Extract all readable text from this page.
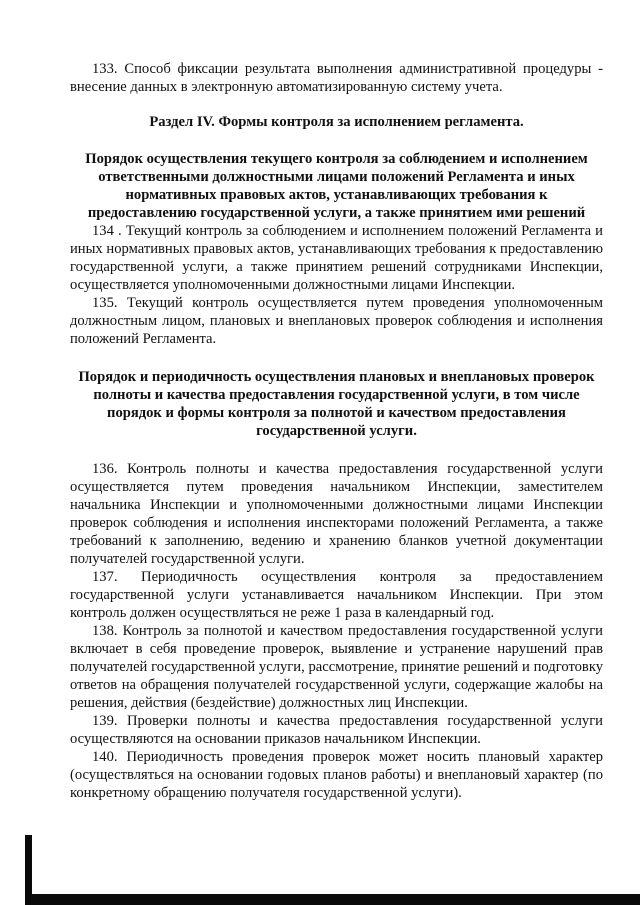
133. Способ фиксации результата выполнения административной процедуры - внесение данных в электронную автоматизированную систему учета.

Раздел IV. Формы контроля за исполнением регламента.
Порядок осуществления текущего контроля за соблюдением и исполнением ответственными должностными лицами положений Регламента и иных нормативных правовых актов, устанавливающих требования к предоставлению государственной услуги, а также принятием ими решений

134 . Текущий контроль за соблюдением и исполнением положений Регламента и иных нормативных правовых актов, устанавливающих требования к предоставлению государственной услуги, а также принятием решений сотрудниками Инспекции, осуществляется уполномоченными должностными лицами Инспекции.

135. Текущий контроль осуществляется путем проведения уполномоченным должностным лицом, плановых и внеплановых проверок соблюдения и исполнения положений Регламента.

Порядок и периодичность осуществления плановых и внеплановых проверок полноты и качества предоставления государственной услуги, в том числе порядок и формы контроля за полнотой и качеством предоставления государственной услуги.

136. Контроль полноты и качества предоставления государственной услуги осуществляется путем проведения начальником Инспекции, заместителем начальника Инспекции и уполномоченными должностными лицами Инспекции проверок соблюдения и исполнения инспекторами положений Регламента, а также требований к заполнению, ведению и хранению бланков учетной документации получателей государственной услуги.

137. Периодичность осуществления контроля за предоставлением государственной услуги устанавливается начальником Инспекции. При этом контроль должен осуществляться не реже 1 раза в календарный год.

138. Контроль за полнотой и качеством предоставления государственной услуги включает в себя проведение проверок, выявление и устранение нарушений прав получателей государственной услуги, рассмотрение, принятие решений и подготовку ответов на обращения получателей государственной услуги, содержащие жалобы на решения, действия (бездействие) должностных лиц Инспекции.

139. Проверки полноты и качества предоставления государственной услуги осуществляются на основании приказов начальником Инспекции.

140. Периодичность проведения проверок может носить плановый характер (осуществляться на основании годовых планов работы) и внеплановый характер (по конкретному обращению получателя государственной услуги).
